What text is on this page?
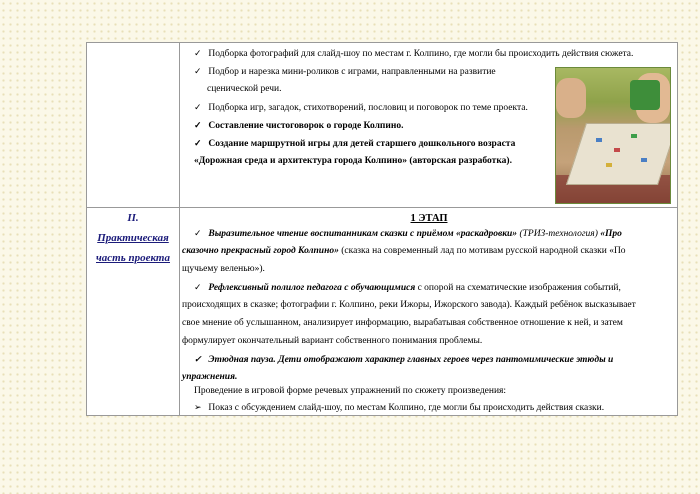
✓ Подборка фотографий для слайд-шоу по местам г. Колпино, где могли бы происходить действия сюжета.
✓ Подбор и нарезка мини-роликов с играми, направленными на развитие
сценической речи.
✓ Подборка игр, загадок, стихотворений, пословиц и поговорок по теме проекта.
✓ Составление чистоговорок о городе Колпино.
✓ Создание маршрутной игры для детей старшего дошкольного возраста
«Дорожная среда и архитектура города Колпино» (авторская разработка).
II.
Практическая
часть проекта
1 ЭТАП
✓ Выразительное чтение воспитанникам сказки с приёмом «раскадровки» (ТРИЗ-технология) «Про
сказочно прекрасный город Колпино» (сказка на современный лад по мотивам русской народной сказки «По
щучьему веленью»).
✓ Рефлексивный полилог педагога с обучающимися с опорой на схематические изображения событий,
происходящих в сказке; фотографии г. Колпино, реки Ижоры, Ижорского завода). Каждый ребёнок высказывает
свое мнение об услышанном, анализирует информацию, вырабатывая собственное отношение к ней, и затем
формулирует окончательный вариант собственного понимания проблемы.
✓ Этюдная пауза. Дети отображают характер главных героев через пантомимические этюды и
упражнения.
Проведение в игровой форме речевых упражнений по сюжету произведения:
➢ Показ с обсуждением слайд-шоу, по местам Колпино, где могли бы происходить действия сказки.
